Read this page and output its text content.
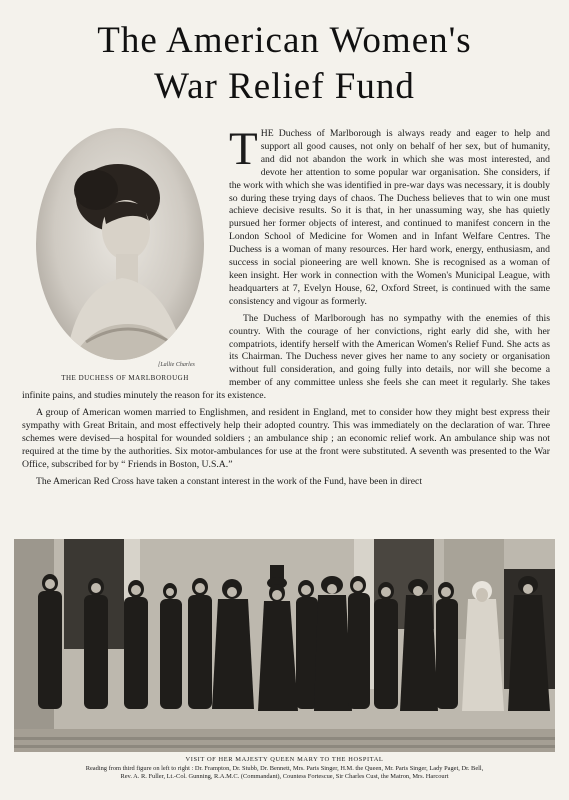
The American Women's
War Relief Fund
[Lallie Charles
THE DUCHESS OF MARLBOROUGH

THE Duchess of Marlborough is always ready and eager to help and support all good causes, not only on behalf of her sex, but of humanity, and did not abandon the work in which she was most interested, and devote her attention to some popular war organisation. She considers, if the work with which she was identified in pre-war days was necessary, it is doubly so during these trying days of chaos. The Duchess believes that to win one must achieve decisive results. So it is that, in her unassuming way, she has quietly pursued her former objects of interest, and continued to manifest concern in the London School of Medicine for Women and in Infant Welfare Centres. The Duchess is a woman of many resources. Her hard work, energy, enthusiasm, and success in social pioneering are well known. She is recognised as a woman of keen insight. Her work in connection with the Women's Municipal League, with headquarters at 7, Evelyn House, 62, Oxford Street, is continued with the same consistency and vigour as formerly.

The Duchess of Marlborough has no sympathy with the enemies of this country. With the courage of her convictions, right early did she, with her compatriots, identify herself with the American Women's Relief Fund. She acts as its Chairman. The Duchess never gives her name to any society or organisation without full consideration, and going fully into details, nor will she become a member of any committee unless she feels she can meet it regularly. She takes infinite pains, and studies minutely the reason for its existence.

A group of American women married to Englishmen, and resident in England, met to consider how they might best express their sympathy with Great Britain, and most effectively help their adopted country. This was immediately on the declaration of war. Three schemes were devised—a hospital for wounded soldiers ; an ambulance ship ; an economic relief work. An ambulance ship was not required at the time by the authorities. Six motor-ambulances for use at the front were substituted. A seventh was presented to the War Office, subscribed for by “ Friends in Boston, U.S.A.”

The American Red Cross have taken a constant interest in the work of the Fund, have been in direct

VISIT OF HER MAJESTY QUEEN MARY TO THE HOSPITAL
Reading from third figure on left to right : Dr. Frampton, Dr. Stubb, Dr. Bennett, Mrs. Paris Singer, H.M. the Queen, Mr. Paris Singer, Lady Paget, Dr. Bell,
Rev. A. R. Fuller, Lt.-Col. Gunning, R.A.M.C. (Commandant), Countess Fortescue, Sir Charles Cust, the Matron, Mrs. Harcourt
